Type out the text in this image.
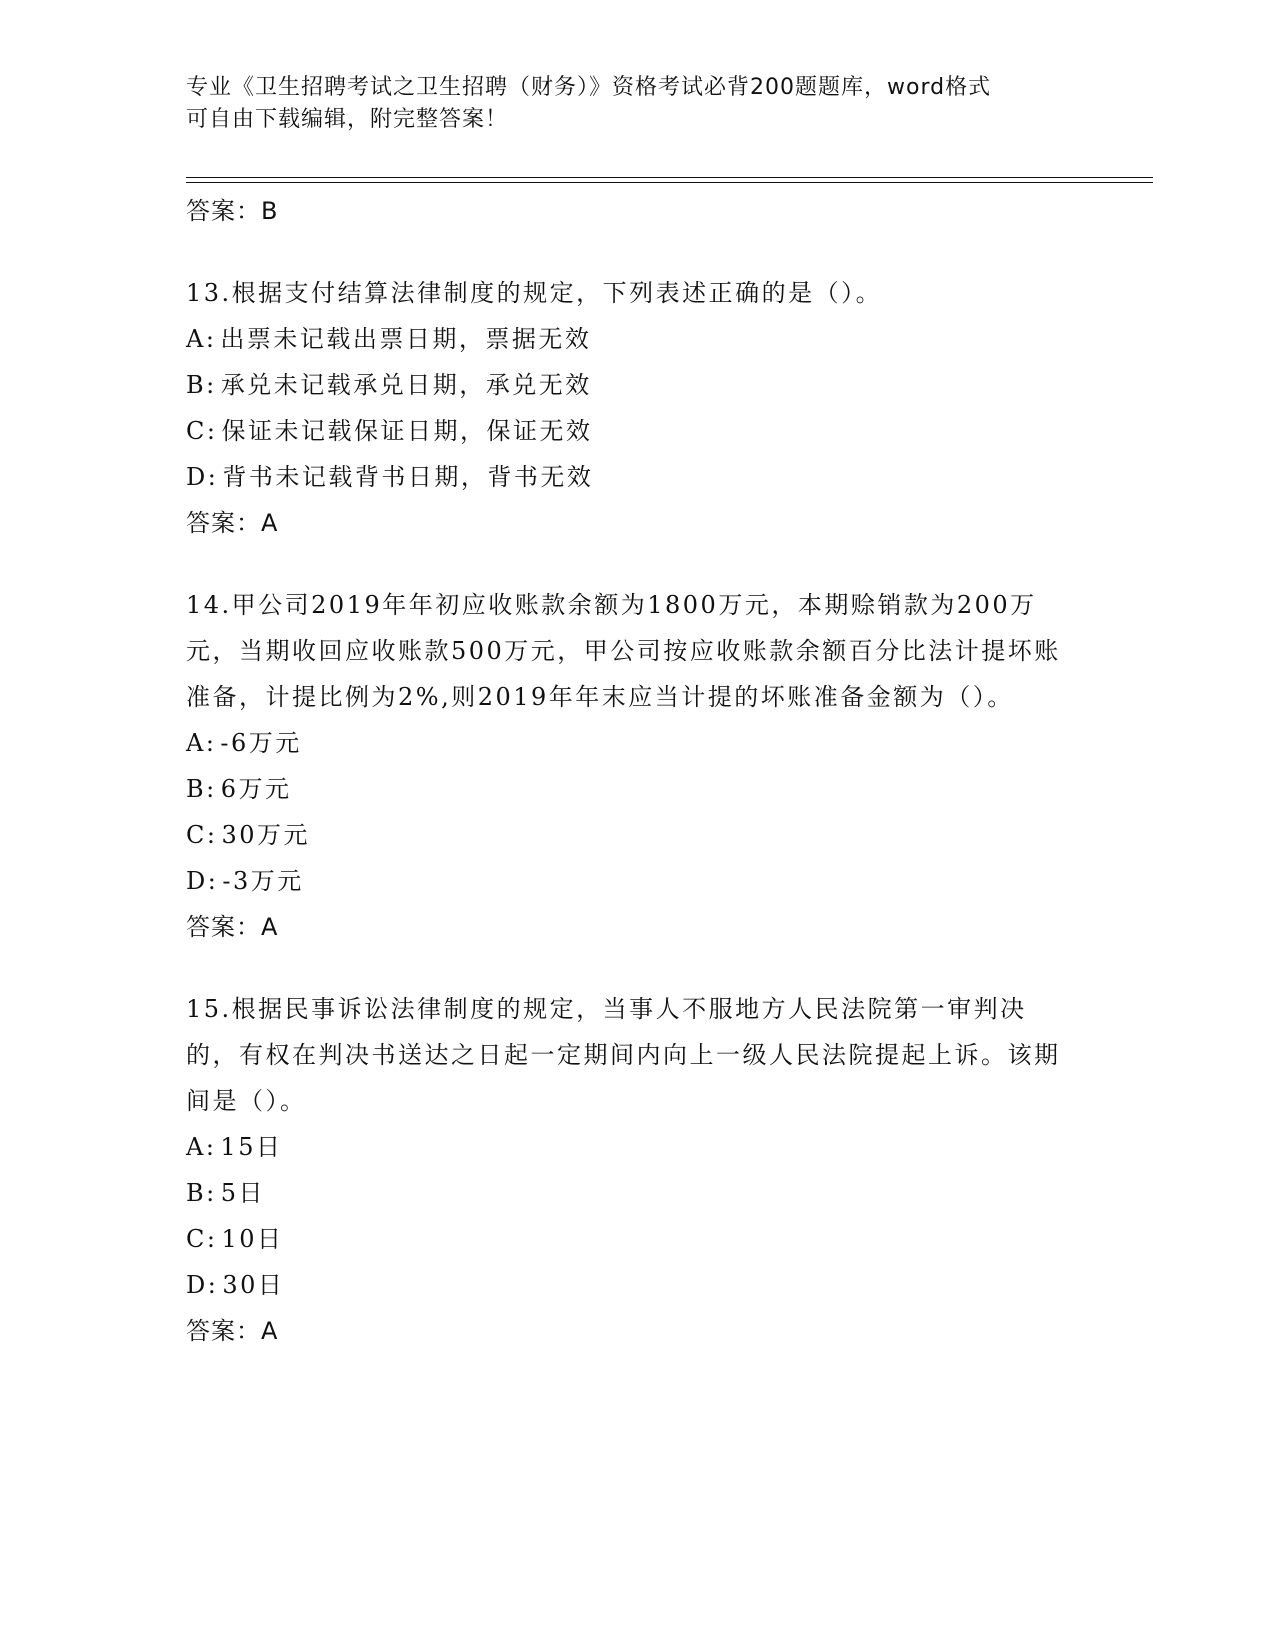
专业《卫生招聘考试之卫生招聘（财务）》资格考试必背200题题库，word格式
可自由下载编辑，附完整答案！
答案：B

13.根据支付结算法律制度的规定，下列表述正确的是（）。

A: 出票未记载出票日期，票据无效

B: 承兑未记载承兑日期，承兑无效

C: 保证未记载保证日期，保证无效

D: 背书未记载背书日期，背书无效

答案：A

14.甲公司2019年年初应收账款余额为1800万元，本期赊销款为200万元，当期收回应收账款500万元，甲公司按应收账款余额百分比法计提坏账准备，计提比例为2%,则2019年年末应当计提的坏账准备金额为（）。

A: -6万元

B: 6万元

C: 30万元

D: -3万元

答案：A

15.根据民事诉讼法律制度的规定，当事人不服地方人民法院第一审判决的，有权在判决书送达之日起一定期间内向上一级人民法院提起上诉。该期间是（）。

A: 15日

B: 5日

C: 10日

D: 30日

答案：A
